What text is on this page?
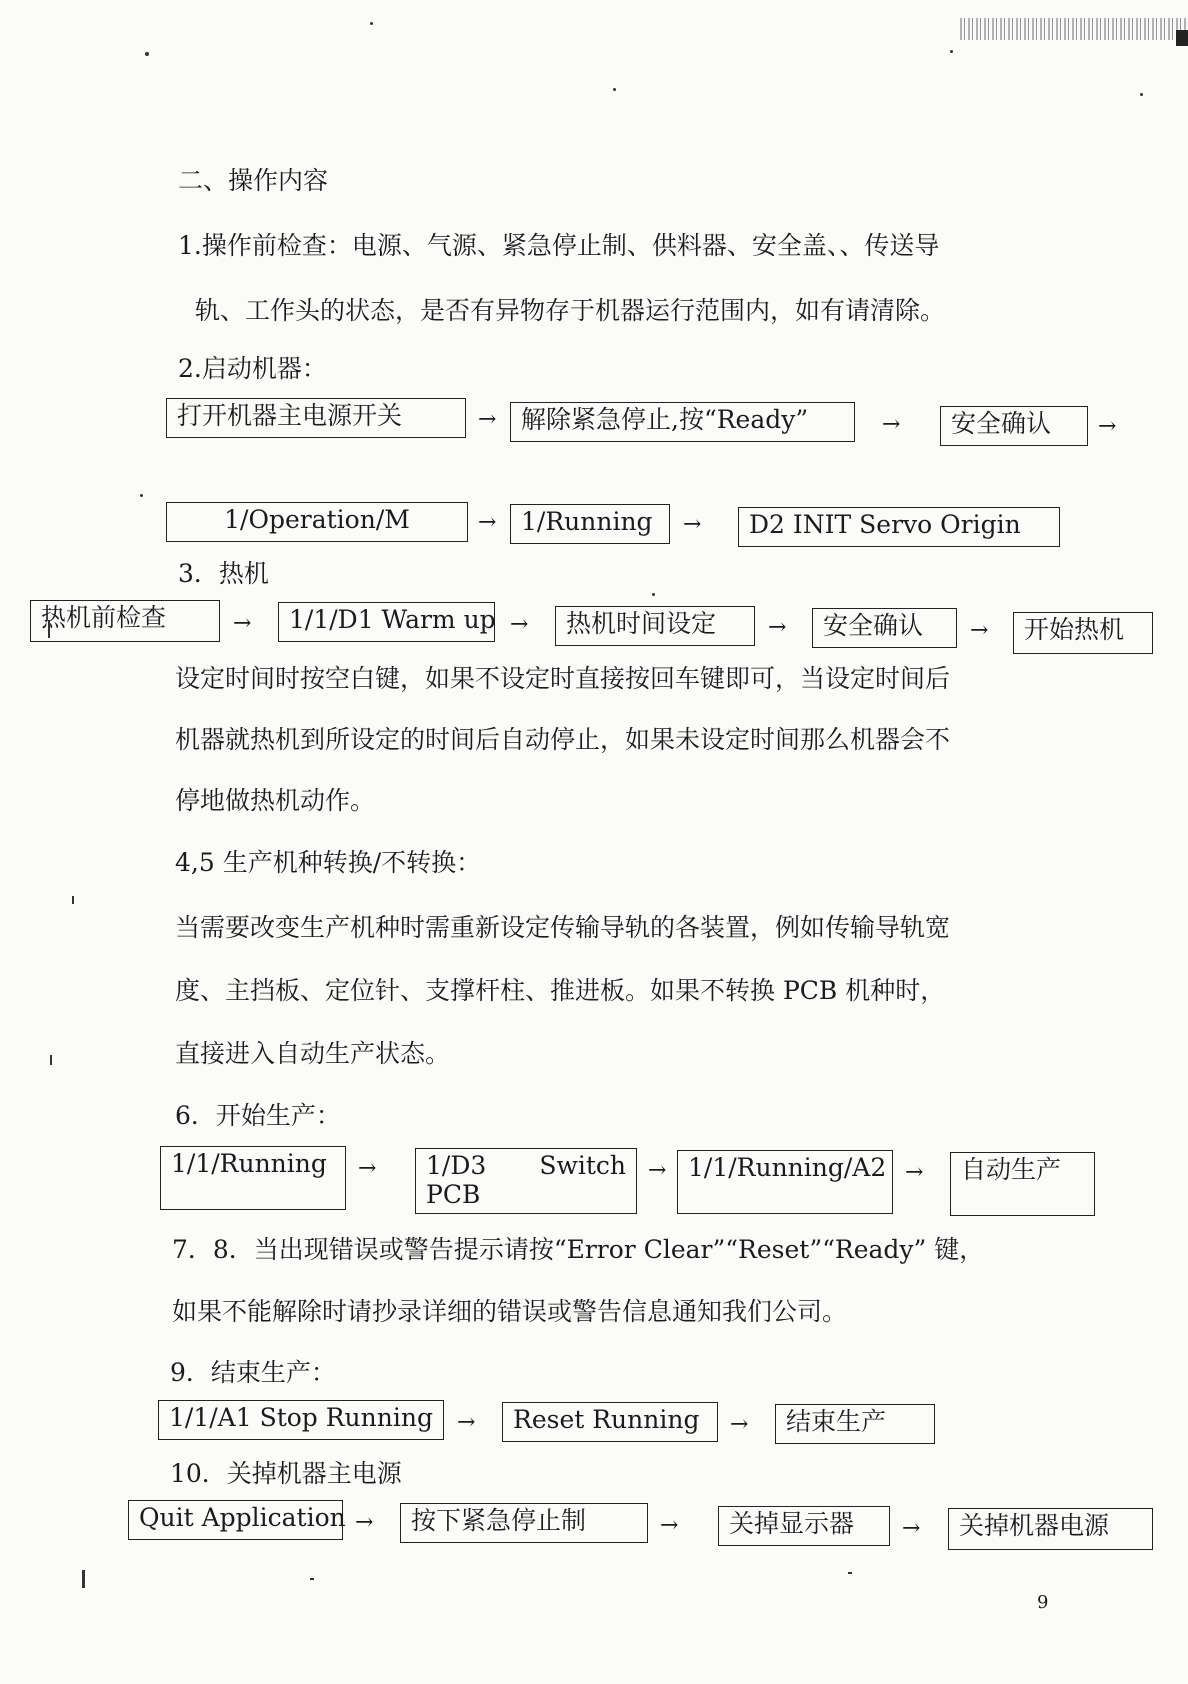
二、操作内容
1.操作前检查：电源、气源、紧急停止制、供料器、安全盖、、传送导
轨、工作头的状态，是否有异物存于机器运行范围内，如有请清除。
2.启动机器：
打开机器主电源开关	→ 解除紧急停止,按“Ready”	→	安全确认	→
1/Operation/M	→ 1/Running	→	D2 INIT Servo Origin
3．热机
热机前检查	→	1/1/D1 Warm up →	热机时间设定	→	安全确认	→	开始热机
设定时间时按空白键，如果不设定时直接按回车键即可，当设定时间后
机器就热机到所设定的时间后自动停止，如果未设定时间那么机器会不
停地做热机动作。
4,5 生产机种转换/不转换：
当需要改变生产机种时需重新设定传输导轨的各装置，例如传输导轨宽
度、主挡板、定位针、支撑杆柱、推进板。如果不转换 PCB 机种时，
直接进入自动生产状态。
6．开始生产：
1/1/Running	→ 1/D3 Switch
PCB
→ 1/1/Running/A2 →	自动生产
7．8．当出现错误或警告提示请按“Error Clear”“Reset”“Ready” 键，
如果不能解除时请抄录详细的错误或警告信息通知我们公司。
9．结束生产：
1/1/A1 Stop Running	→	Reset Running	→	结束生产
10．关掉机器主电源
Quit Application →	按下紧急停止制	→	关掉显示器	→	关掉机器电源
9
